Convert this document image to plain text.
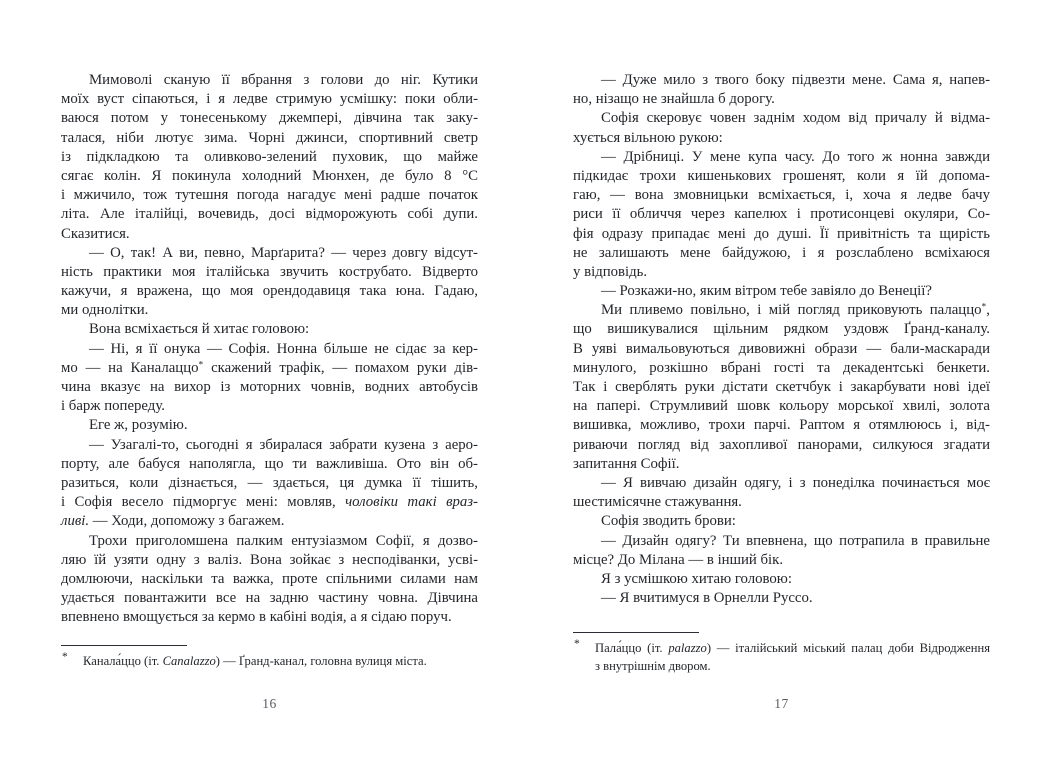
Мимоволі сканую її вбрання з голови до ніг. Кутики
моїх вуст сіпаються, і я ледве стримую усмішку: поки обли-
ваюся потом у тонесенькому джемпері, дівчина так заку-
талася, ніби лютує зима. Чорні джинси, спортивний светр
із підкладкою та оливково-зелений пуховик, що майже
сягає колін. Я покинула холодний Мюнхен, де було 8 °C
і мжичило, тож тутешня погода нагадує мені радше початок
літа. Але італійці, вочевидь, досі відморожують собі дупи.
Сказитися.
— О, так! А ви, певно, Марґарита? — через довгу відсут-
ність практики моя італійська звучить кострубато. Відверто
кажучи, я вражена, що моя орендодавиця така юна. Гадаю,
ми однолітки.
Вона всміхається й хитає головою:
— Ні, я її онука — Софія. Нонна більше не сідає за кер-
мо — на Каналаццо* скажений трафік, — помахом руки дів-
чина вказує на вихор із моторних човнів, водних автобусів
і барж попереду.
Еге ж, розумію.
— Узагалі-то, сьогодні я збиралася забрати кузена з аеро-
порту, але бабуся наполягла, що ти важливіша. Ото він об-
разиться, коли дізнається, — здається, ця думка її тішить,
і Софія весело підморгує мені: мовляв, чоловіки такі враз-
ливі. — Ходи, допоможу з багажем.
Трохи приголомшена палким ентузіазмом Софії, я дозво-
ляю їй узяти одну з валіз. Вона зойкає з несподіванки, усві-
домлюючи, наскільки та важка, проте спільними силами нам
удається повантажити все на задню частину човна. Дівчина
впевнено вмощується за кермо в кабіні водія, а я сідаю поруч.
* Канала́ццо (іт. Canalazzo) — Ґранд-канал, головна вулиця міста.
16
— Дуже мило з твого боку підвезти мене. Сама я, напев-
но, нізащо не знайшла б дорогу.
Софія скеровує човен заднім ходом від причалу й відма-
хується вільною рукою:
— Дрібниці. У мене купа часу. До того ж нонна завжди
підкидає трохи кишенькових грошенят, коли я їй допома-
гаю, — вона змовницьки всміхається, і, хоча я ледве бачу
риси її обличчя через капелюх і протисонцеві окуляри, Со-
фія одразу припадає мені до душі. Її привітність та щирість
не залишають мене байдужою, і я розслаблено всміхаюся
у відповідь.
— Розкажи-но, яким вітром тебе завіяло до Венеції?
Ми пливемо повільно, і мій погляд приковують палаццо*,
що вишикувалися щільним рядком уздовж Ґранд-каналу.
В уяві вимальовуються дивовижні образи — бали-маскаради
минулого, розкішно вбрані гості та декадентські бенкети.
Так і сверблять руки дістати скетчбук і закарбувати нові ідеї
на папері. Струмливий шовк кольору морської хвилі, золота
вишивка, можливо, трохи парчі. Раптом я отямлююсь і, від-
риваючи погляд від захопливої панорами, силкуюся згадати
запитання Софії.
— Я вивчаю дизайн одягу, і з понеділка починається моє
шестимісячне стажування.
Софія зводить брови:
— Дизайн одягу? Ти впевнена, що потрапила в правильне
місце? До Мілана — в інший бік.
Я з усмішкою хитаю головою:
— Я вчитимуся в Орнелли Руссо.
* Пала́ццо (іт. palazzo) — італійський міський палац доби Відродження
з внутрішнім двором.
17
